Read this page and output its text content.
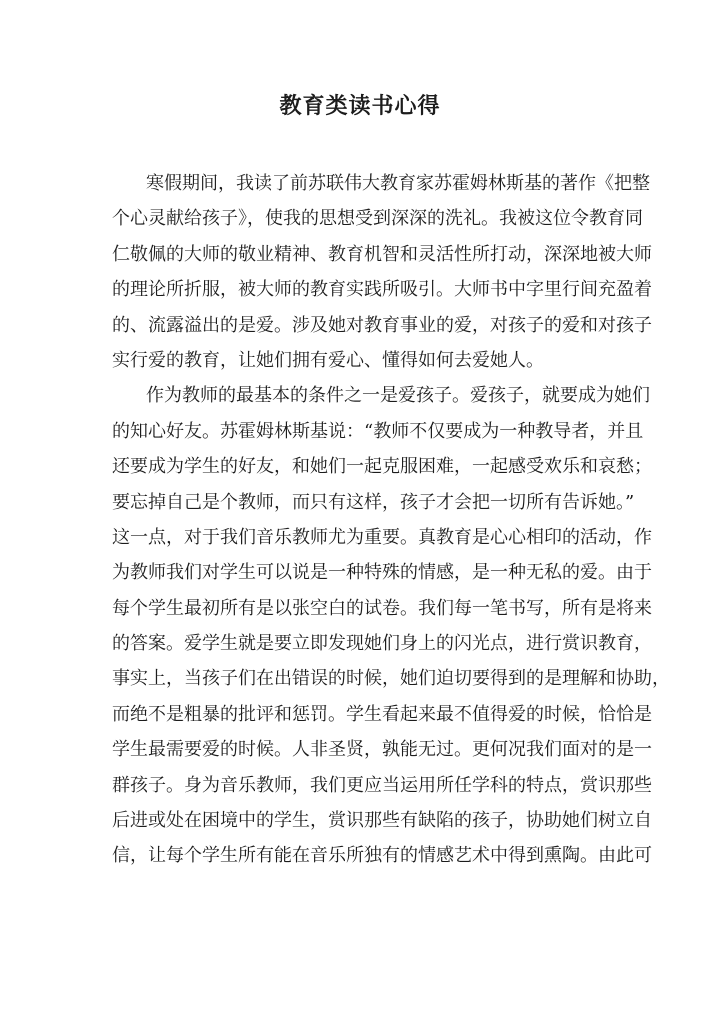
教育类读书心得
寒假期间，我读了前苏联伟大教育家苏霍姆林斯基的著作《把整
个心灵献给孩子》，使我的思想受到深深的洗礼。我被这位令教育同
仁敬佩的大师的敬业精神、教育机智和灵活性所打动，深深地被大师
的理论所折服，被大师的教育实践所吸引。大师书中字里行间充盈着
的、流露溢出的是爱。涉及她对教育事业的爱，对孩子的爱和对孩子
实行爱的教育，让她们拥有爱心、懂得如何去爱她人。
作为教师的最基本的条件之一是爱孩子。爱孩子，就要成为她们
的知心好友。苏霍姆林斯基说：“教师不仅要成为一种教导者，并且
还要成为学生的好友，和她们一起克服困难，一起感受欢乐和哀愁；
要忘掉自己是个教师，而只有这样，孩子才会把一切所有告诉她。”
这一点，对于我们音乐教师尤为重要。真教育是心心相印的活动，作
为教师我们对学生可以说是一种特殊的情感，是一种无私的爱。由于
每个学生最初所有是以张空白的试卷。我们每一笔书写，所有是将来
的答案。爱学生就是要立即发现她们身上的闪光点，进行赏识教育，
事实上，当孩子们在出错误的时候，她们迫切要得到的是理解和协助，
而绝不是粗暴的批评和惩罚。学生看起来最不值得爱的时候，恰恰是
学生最需要爱的时候。人非圣贤，孰能无过。更何况我们面对的是一
群孩子。身为音乐教师，我们更应当运用所任学科的特点，赏识那些
后进或处在困境中的学生，赏识那些有缺陷的孩子，协助她们树立自
信，让每个学生所有能在音乐所独有的情感艺术中得到熏陶。由此可
